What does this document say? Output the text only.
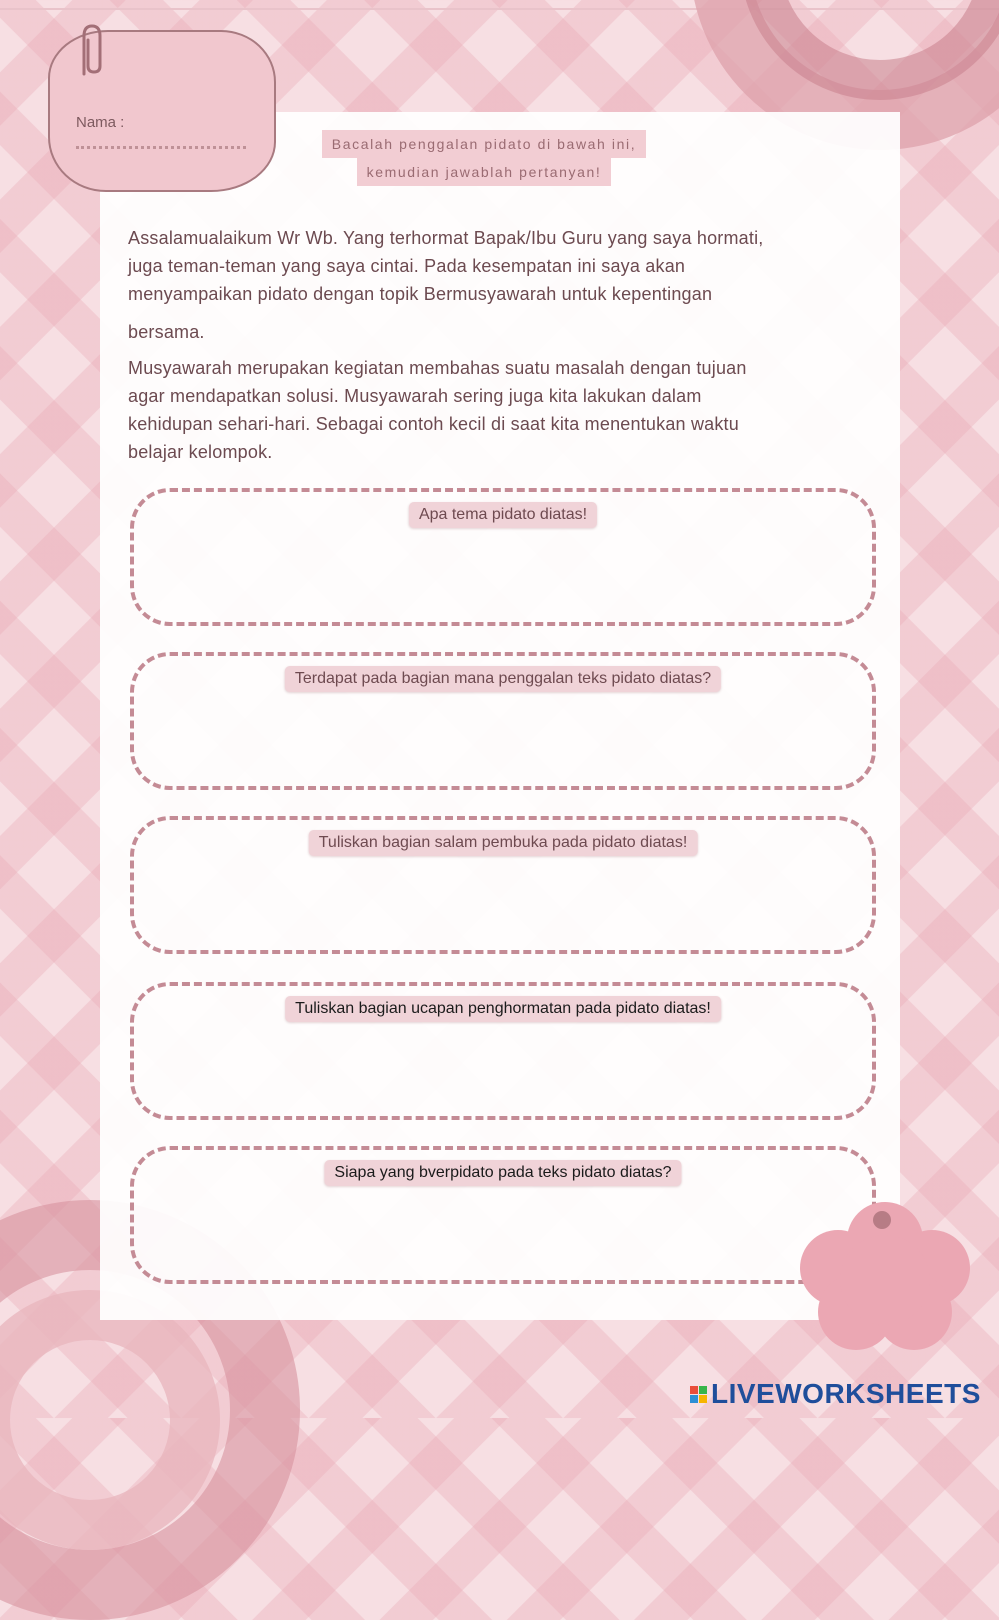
Nama :
Bacalah penggalan pidato di bawah ini,
kemudian jawablah pertanyan!

Assalamualaikum Wr Wb. Yang terhormat Bapak/Ibu Guru yang saya hormati,

juga teman-teman yang saya cintai. Pada kesempatan ini saya akan

menyampaikan pidato dengan topik Bermusyawarah untuk kepentingan

bersama.

Musyawarah merupakan kegiatan membahas suatu masalah dengan tujuan

agar mendapatkan solusi. Musyawarah sering juga kita lakukan dalam

kehidupan sehari-hari. Sebagai contoh kecil di saat kita menentukan waktu

belajar kelompok.

Apa tema pidato diatas!
Terdapat pada bagian mana penggalan teks pidato diatas?
Tuliskan bagian salam pembuka pada pidato diatas!
Tuliskan bagian ucapan penghormatan pada pidato diatas!
Siapa yang bverpidato pada teks pidato diatas?
LIVEWORKSHEETS
